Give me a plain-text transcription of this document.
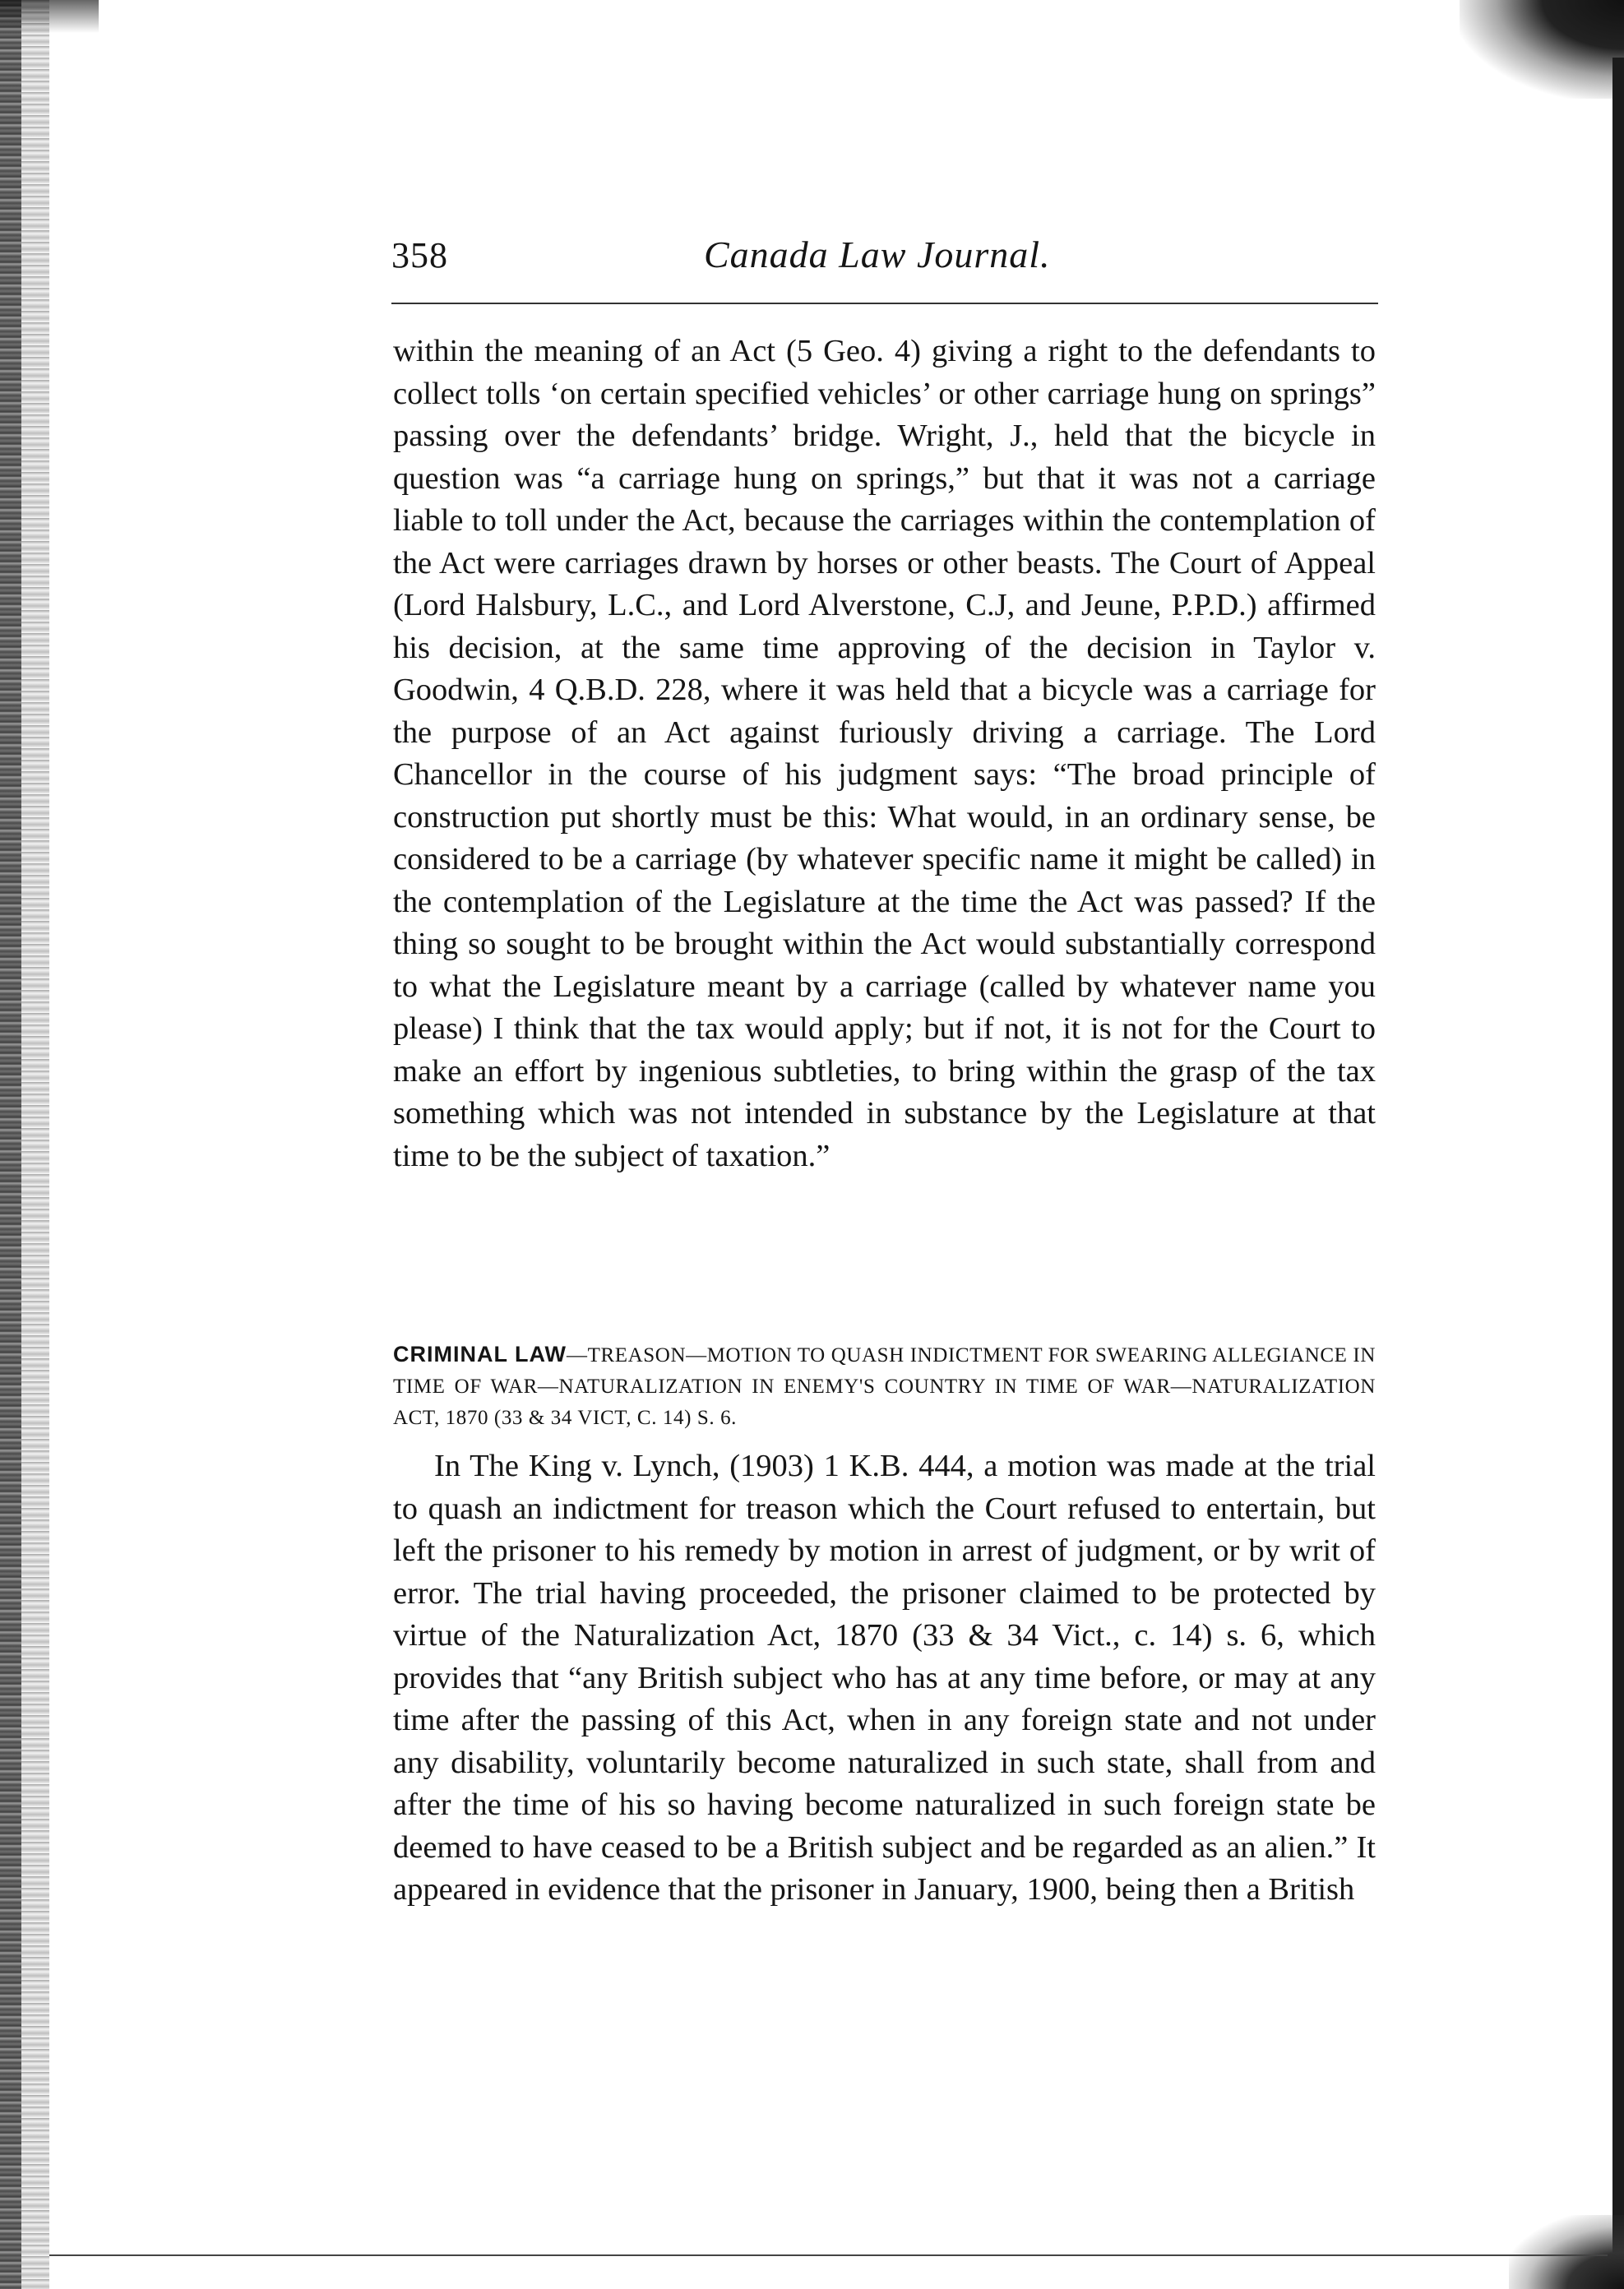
358	Canada Law Journal.

within the meaning of an Act (5 Geo. 4) giving a right to the defendants to collect tolls ‘on certain specified vehicles’ or other carriage hung on springs” passing over the defendants’ bridge. Wright, J., held that the bicycle in question was “a carriage hung on springs,” but that it was not a carriage liable to toll under the Act, because the carriages within the contemplation of the Act were carriages drawn by horses or other beasts. The Court of Appeal (Lord Halsbury, L.C., and Lord Alverstone, C.J, and Jeune, P.P.D.) affirmed his decision, at the same time approving of the decision in Taylor v. Goodwin, 4 Q.B.D. 228, where it was held that a bicycle was a carriage for the purpose of an Act against furiously driving a carriage. The Lord Chancellor in the course of his judgment says: “The broad principle of construction put shortly must be this: What would, in an ordinary sense, be considered to be a carriage (by whatever specific name it might be called) in the contemplation of the Legislature at the time the Act was passed? If the thing so sought to be brought within the Act would substantially correspond to what the Legislature meant by a carriage (called by whatever name you please) I think that the tax would apply; but if not, it is not for the Court to make an effort by ingenious subtleties, to bring within the grasp of the tax something which was not intended in substance by the Legislature at that time to be the subject of taxation.”

CRIMINAL LAW—TREASON—MOTION TO QUASH INDICTMENT FOR SWEARING ALLEGIANCE IN TIME OF WAR—NATURALIZATION IN ENEMY'S COUNTRY IN TIME OF WAR—NATURALIZATION ACT, 1870 (33 & 34 VICT, C. 14) S. 6.

In The King v. Lynch, (1903) 1 K.B. 444, a motion was made at the trial to quash an indictment for treason which the Court refused to entertain, but left the prisoner to his remedy by motion in arrest of judgment, or by writ of error. The trial having proceeded, the prisoner claimed to be protected by virtue of the Naturalization Act, 1870 (33 & 34 Vict., c. 14) s. 6, which provides that “any British subject who has at any time before, or may at any time after the passing of this Act, when in any foreign state and not under any disability, voluntarily become naturalized in such state, shall from and after the time of his so having become naturalized in such foreign state be deemed to have ceased to be a British subject and be regarded as an alien.” It appeared in evidence that the prisoner in January, 1900, being then a British
